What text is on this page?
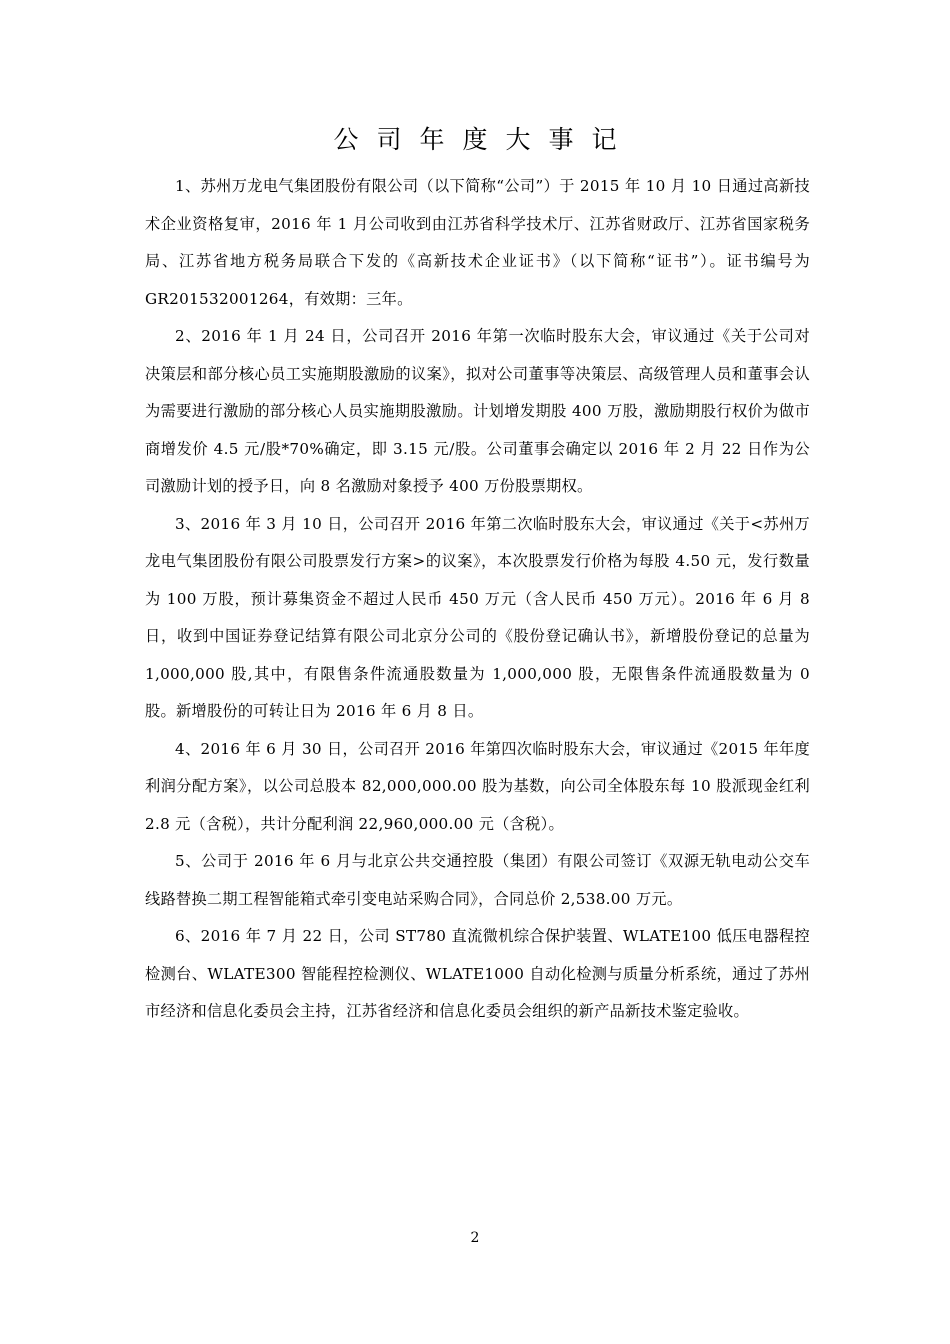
公司年度大事记

1、苏州万龙电气集团股份有限公司（以下简称“公司”）于 2015 年 10 月 10 日通过高新技术企业资格复审，2016 年 1 月公司收到由江苏省科学技术厅、江苏省财政厅、江苏省国家税务局、江苏省地方税务局联合下发的《高新技术企业证书》（以下简称“证书”）。证书编号为 GR201532001264，有效期：三年。

2、2016 年 1 月 24 日，公司召开 2016 年第一次临时股东大会，审议通过《关于公司对决策层和部分核心员工实施期股激励的议案》，拟对公司董事等决策层、高级管理人员和董事会认为需要进行激励的部分核心人员实施期股激励。计划增发期股 400 万股，激励期股行权价为做市商增发价 4.5 元/股*70%确定，即 3.15 元/股。公司董事会确定以 2016 年 2 月 22 日作为公司激励计划的授予日，向 8 名激励对象授予 400 万份股票期权。

3、2016 年 3 月 10 日，公司召开 2016 年第二次临时股东大会，审议通过《关于<苏州万龙电气集团股份有限公司股票发行方案>的议案》，本次股票发行价格为每股 4.50 元，发行数量为 100 万股，预计募集资金不超过人民币 450 万元（含人民币 450 万元）。2016 年 6 月 8 日，收到中国证券登记结算有限公司北京分公司的《股份登记确认书》，新增股份登记的总量为 1,000,000 股,其中，有限售条件流通股数量为 1,000,000 股，无限售条件流通股数量为 0 股。新增股份的可转让日为 2016 年 6 月 8 日。

4、2016 年 6 月 30 日，公司召开 2016 年第四次临时股东大会，审议通过《2015 年年度利润分配方案》，以公司总股本 82,000,000.00 股为基数，向公司全体股东每 10 股派现金红利 2.8 元（含税），共计分配利润 22,960,000.00 元（含税）。

5、公司于 2016 年 6 月与北京公共交通控股（集团）有限公司签订《双源无轨电动公交车线路替换二期工程智能箱式牵引变电站采购合同》，合同总价 2,538.00 万元。

6、2016 年 7 月 22 日，公司 ST780 直流微机综合保护装置、WLATE100 低压电器程控检测台、WLATE300 智能程控检测仪、WLATE1000 自动化检测与质量分析系统，通过了苏州市经济和信息化委员会主持，江苏省经济和信息化委员会组织的新产品新技术鉴定验收。

2
